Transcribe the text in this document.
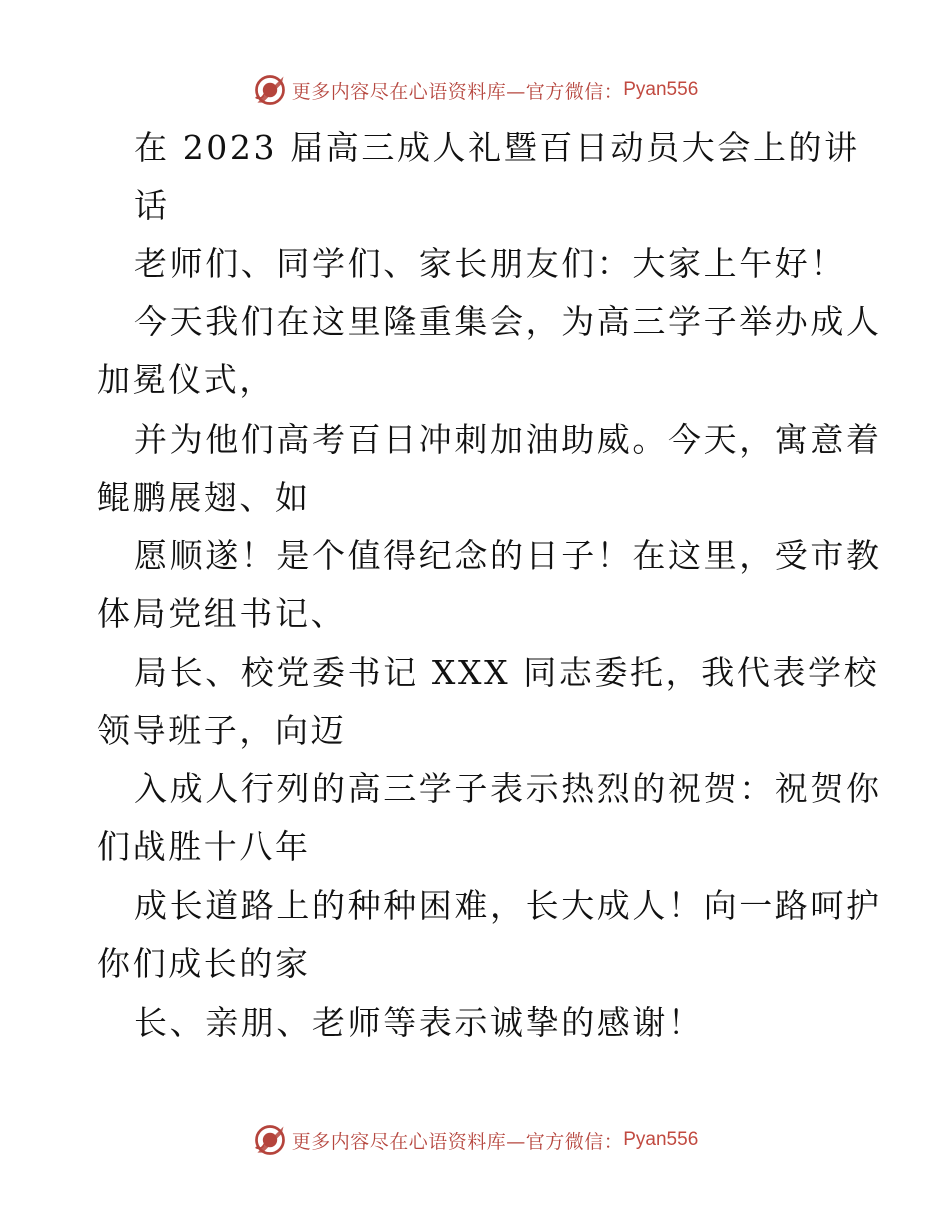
更多内容尽在心语资料库—官方微信： Pyan556
在 2023 届高三成人礼暨百日动员大会上的讲
话
老师们、同学们、家长朋友们：大家上午好！
今天我们在这里隆重集会，为高三学子举办成人
加冕仪式，
并为他们高考百日冲刺加油助威。今天，寓意着
鲲鹏展翅、如
愿顺遂！是个值得纪念的日子！在这里，受市教
体局党组书记、
局长、校党委书记 XXX 同志委托，我代表学校
领导班子，向迈
入成人行列的高三学子表示热烈的祝贺：祝贺你
们战胜十八年
成长道路上的种种困难，长大成人！向一路呵护
你们成长的家
长、亲朋、老师等表示诚挚的感谢！
更多内容尽在心语资料库—官方微信： Pyan556
